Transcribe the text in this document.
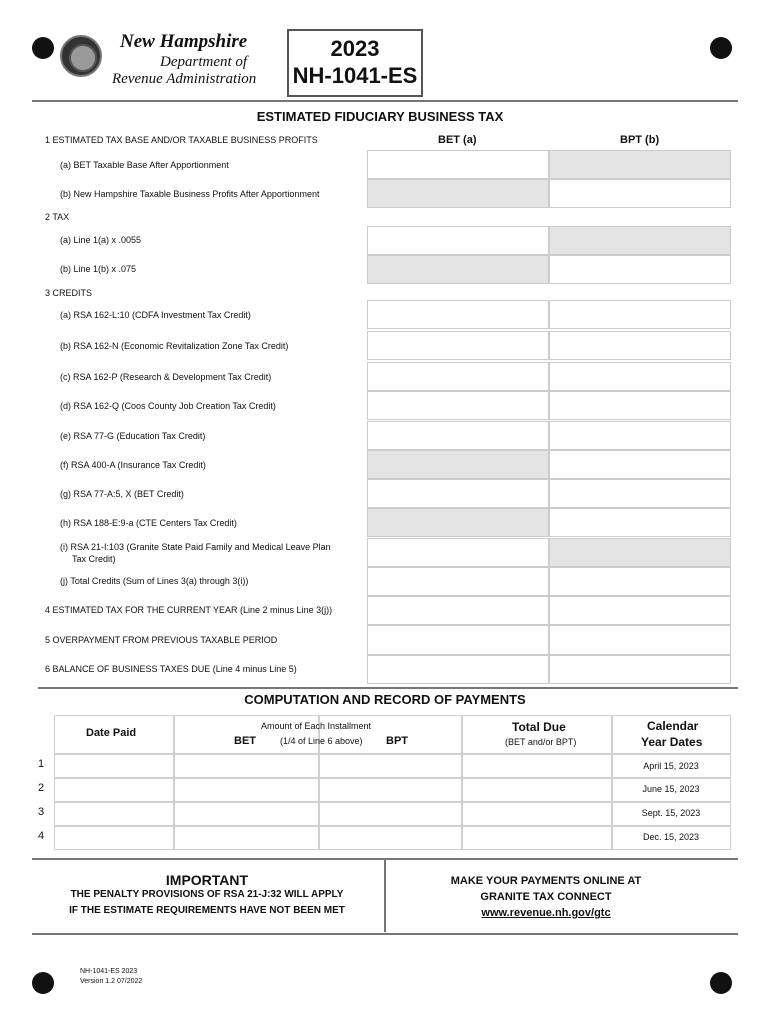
New Hampshire
Department of
Revenue Administration
2023
NH-1041-ES
ESTIMATED FIDUCIARY BUSINESS TAX
BET (a)	BPT (b)
1 ESTIMATED TAX BASE AND/OR TAXABLE BUSINESS PROFITS
(a) BET Taxable Base After Apportionment
(b) New Hampshire Taxable Business Profits After Apportionment
2 TAX
(a) Line 1(a) x .0055
(b) Line 1(b) x .075
3 CREDITS
(a) RSA 162-L:10 (CDFA Investment Tax Credit)
(b) RSA 162-N (Economic Revitalization Zone Tax Credit)
(c) RSA 162-P (Research & Development Tax Credit)
(d) RSA 162-Q (Coos County Job Creation Tax Credit)
(e) RSA 77-G (Education Tax Credit)
(f) RSA 400-A (Insurance Tax Credit)
(g) RSA 77-A:5, X (BET Credit)
(h) RSA 188-E:9-a (CTE Centers Tax Credit)
(i) RSA 21-I:103 (Granite State Paid Family and Medical Leave Plan
Tax Credit)
(j) Total Credits (Sum of Lines 3(a) through 3(i))
4 ESTIMATED TAX FOR THE CURRENT YEAR (Line 2 minus Line 3(j))
5 OVERPAYMENT FROM PREVIOUS TAXABLE PERIOD
6 BALANCE OF BUSINESS TAXES DUE (Line 4 minus Line 5)
COMPUTATION AND RECORD OF PAYMENTS
Date Paid
Amount of Each Installment
BET	(1/4 of Line 6 above) BPT
Total Due
(BET and/or BPT)
Calendar
Year Dates
1
2
3
4
April 15, 2023
June 15, 2023
Sept. 15, 2023
Dec. 15, 2023
IMPORTANT
THE PENALTY PROVISIONS OF RSA 21-J:32 WILL APPLY
IF THE ESTIMATE REQUIREMENTS HAVE NOT BEEN MET
MAKE YOUR PAYMENTS ONLINE AT
GRANITE TAX CONNECT
www.revenue.nh.gov/gtc
NH-1041-ES 2023
Version 1.2 07/2022
